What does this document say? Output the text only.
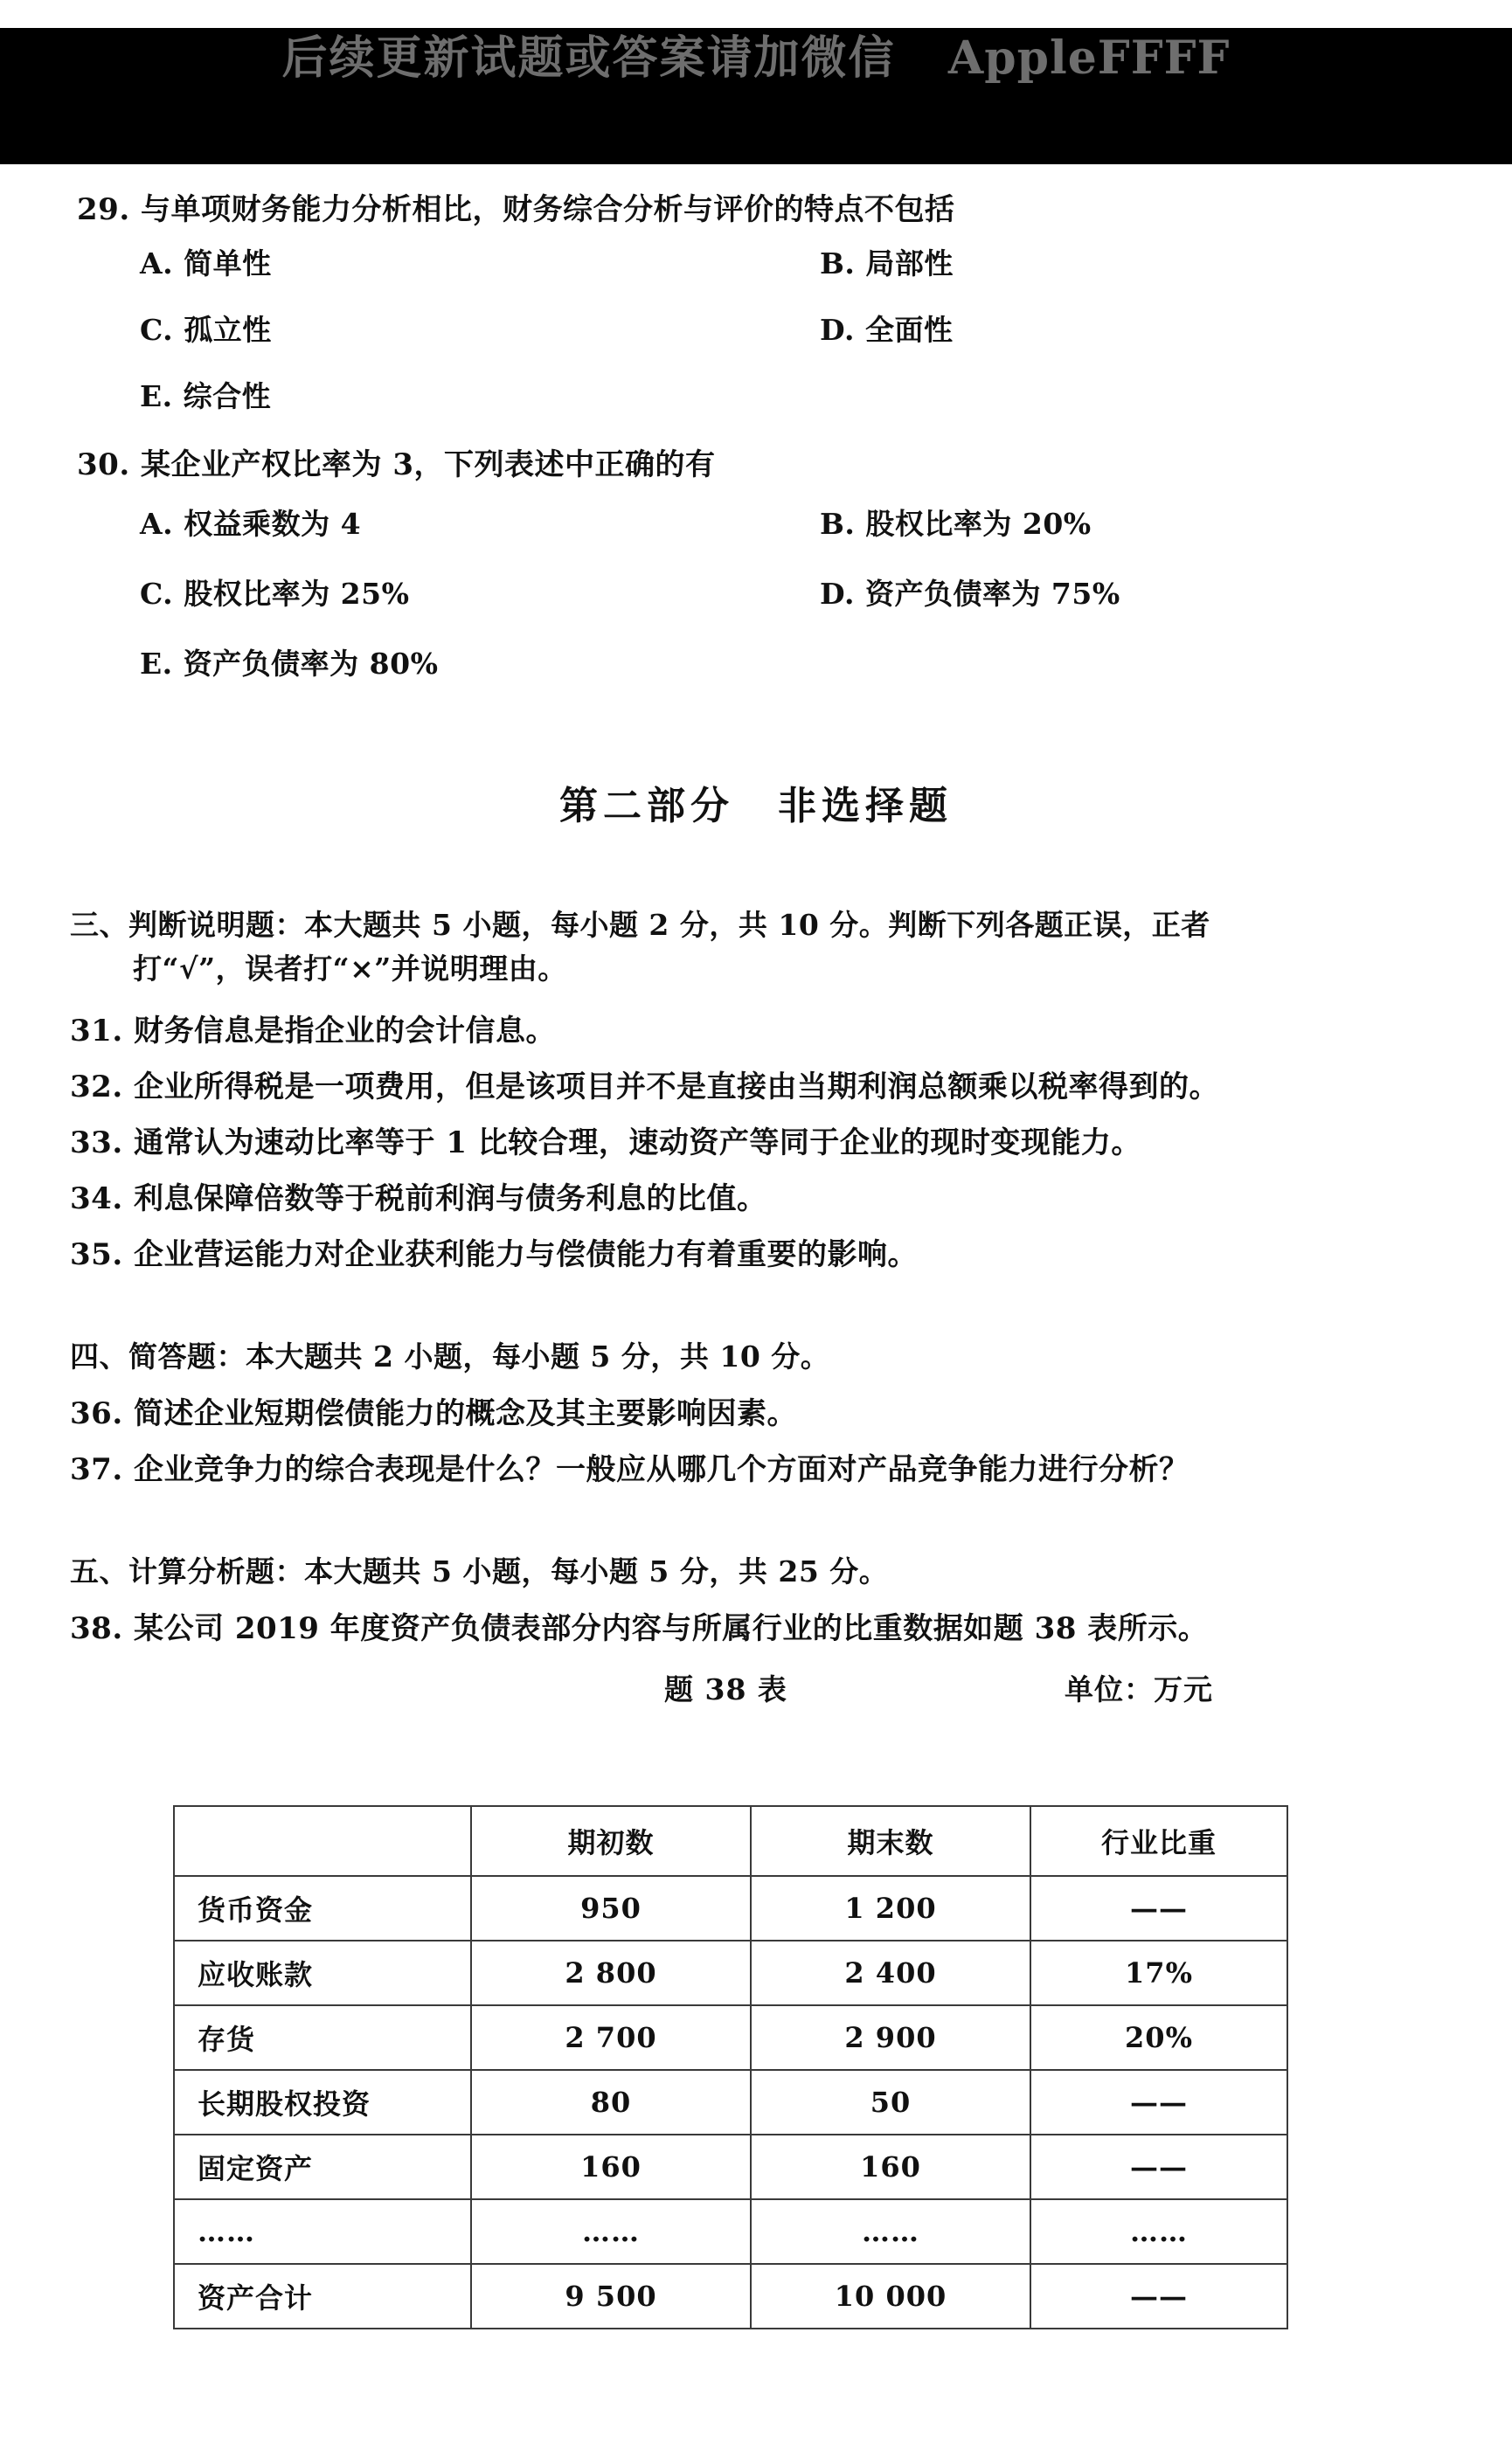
后续更新试题或答案请加微信 AppleFFFF
29. 与单项财务能力分析相比，财务综合分析与评价的特点不包括
A. 简单性	B. 局部性
C. 孤立性	D. 全面性
E. 综合性
30. 某企业产权比率为 3，下列表述中正确的有
A. 权益乘数为 4	B. 股权比率为 20%
C. 股权比率为 25%	D. 资产负债率为 75%
E. 资产负债率为 80%
第二部分　非选择题
三、判断说明题：本大题共 5 小题，每小题 2 分，共 10 分。判断下列各题正误，正者
打“√”，误者打“×”并说明理由。
31. 财务信息是指企业的会计信息。
32. 企业所得税是一项费用，但是该项目并不是直接由当期利润总额乘以税率得到的。
33. 通常认为速动比率等于 1 比较合理，速动资产等同于企业的现时变现能力。
34. 利息保障倍数等于税前利润与债务利息的比值。
35. 企业营运能力对企业获利能力与偿债能力有着重要的影响。
四、简答题：本大题共 2 小题，每小题 5 分，共 10 分。
36. 简述企业短期偿债能力的概念及其主要影响因素。
37. 企业竞争力的综合表现是什么？一般应从哪几个方面对产品竞争能力进行分析？
五、计算分析题：本大题共 5 小题，每小题 5 分，共 25 分。
38. 某公司 2019 年度资产负债表部分内容与所属行业的比重数据如题 38 表所示。
题 38 表	单位：万元
	期初数	期末数	行业比重
货币资金	950	1 200	——
应收账款	2 800	2 400	17%
存货	2 700	2 900	20%
长期股权投资	80	50	——
固定资产	160	160	——
……	……	……	……
资产合计	9 500	10 000	——
